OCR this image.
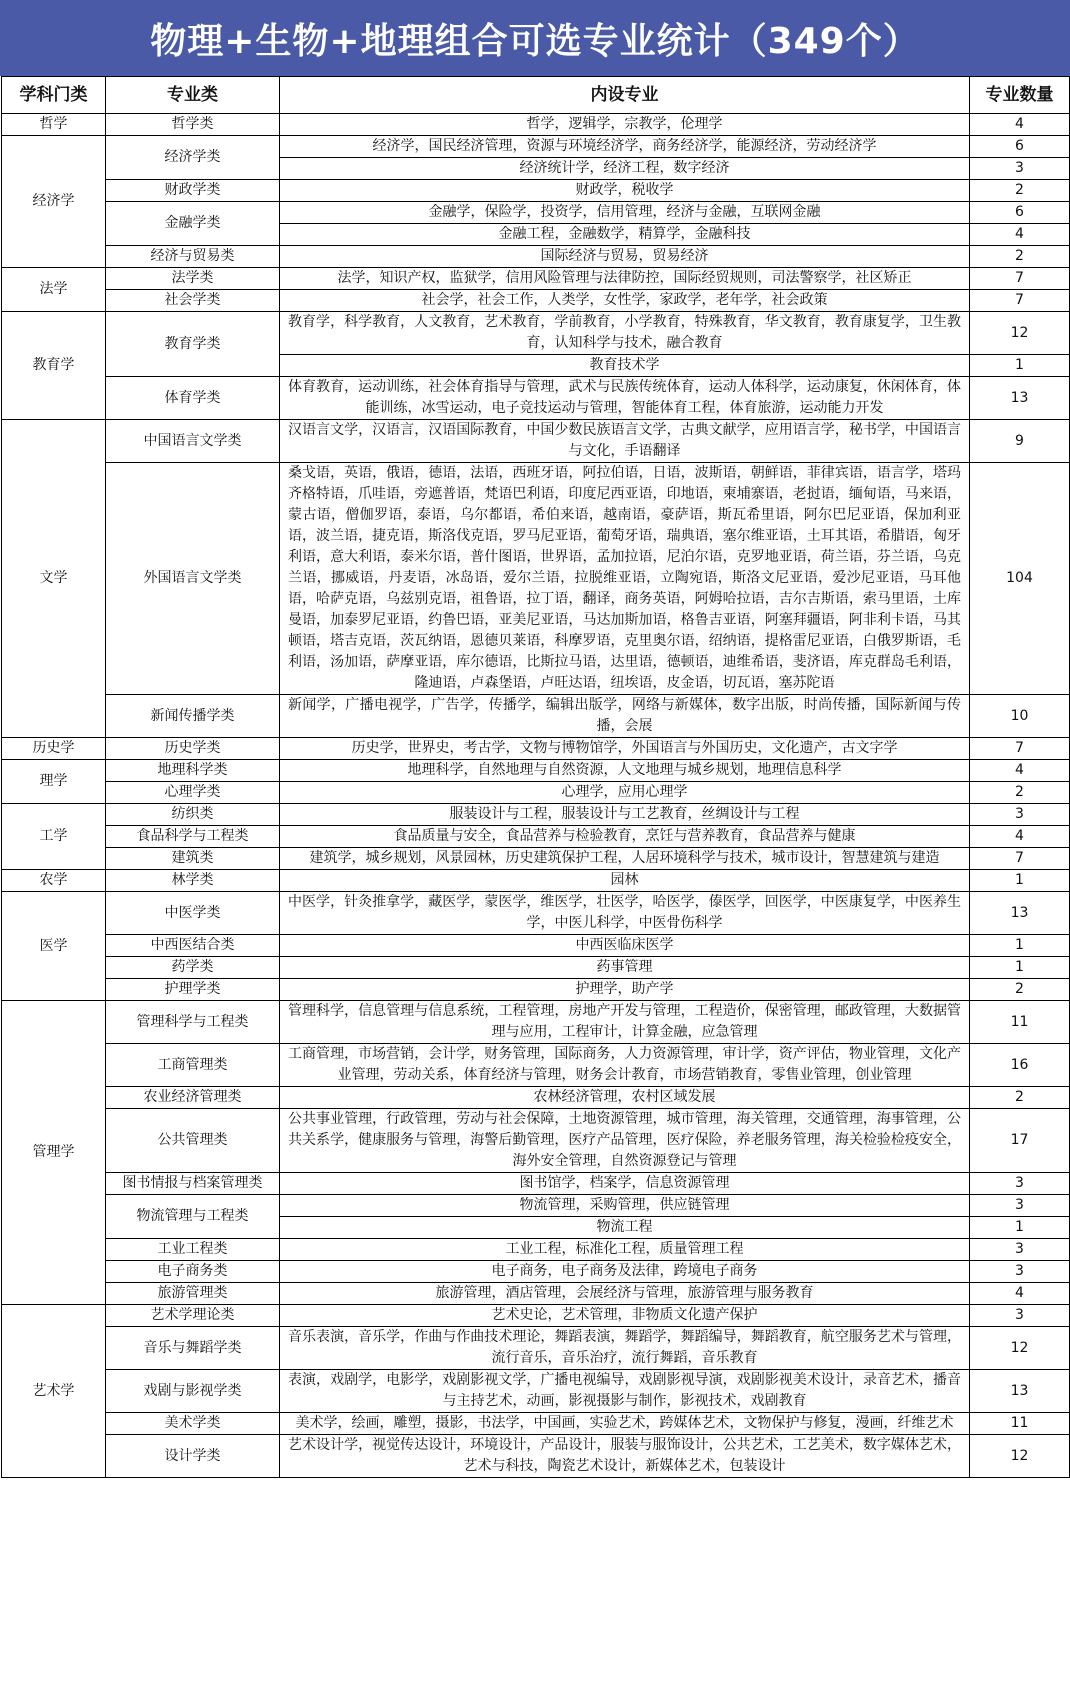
物理+生物+地理组合可选专业统计（349个）
学科门类	专业类	内设专业	专业数量
哲学	哲学类	哲学，逻辑学，宗教学，伦理学	4
经济学	经济学类	经济学，国民经济管理，资源与环境经济学，商务经济学，能源经济，劳动经济学	6
		经济统计学，经济工程，数字经济	3
	财政学类	财政学，税收学	2
	金融学类	金融学，保险学，投资学，信用管理，经济与金融，互联网金融	6
		金融工程，金融数学，精算学，金融科技	4
	经济与贸易类	国际经济与贸易，贸易经济	2
法学	法学类	法学，知识产权，监狱学，信用风险管理与法律防控，国际经贸规则，司法警察学，社区矫正	7
	社会学类	社会学，社会工作，人类学，女性学，家政学，老年学，社会政策	7
教育学	教育学类	教育学，科学教育，人文教育，艺术教育，学前教育，小学教育，特殊教育，华文教育，教育康复学，卫生教育，认知科学与技术，融合教育	12
		教育技术学	1
	体育学类	体育教育，运动训练，社会体育指导与管理，武术与民族传统体育，运动人体科学，运动康复，休闲体育，体能训练，冰雪运动，电子竞技运动与管理，智能体育工程，体育旅游，运动能力开发	13
文学	中国语言文学类	汉语言文学，汉语言，汉语国际教育，中国少数民族语言文学，古典文献学，应用语言学，秘书学，中国语言与文化，手语翻译	9
	外国语言文学类	桑戈语，英语，俄语，德语，法语，西班牙语，阿拉伯语，日语，波斯语，朝鲜语，菲律宾语，语言学，塔玛齐格特语，爪哇语，旁遮普语，梵语巴利语，印度尼西亚语，印地语，柬埔寨语，老挝语，缅甸语，马来语，蒙古语，僧伽罗语，泰语，乌尔都语，希伯来语，越南语，豪萨语，斯瓦希里语，阿尔巴尼亚语，保加利亚语，波兰语，捷克语，斯洛伐克语，罗马尼亚语，葡萄牙语，瑞典语，塞尔维亚语，土耳其语，希腊语，匈牙利语，意大利语，泰米尔语，普什图语，世界语，孟加拉语，尼泊尔语，克罗地亚语，荷兰语，芬兰语，乌克兰语，挪威语，丹麦语，冰岛语，爱尔兰语，拉脱维亚语，立陶宛语，斯洛文尼亚语，爱沙尼亚语，马耳他语，哈萨克语，乌兹别克语，祖鲁语，拉丁语，翻译，商务英语，阿姆哈拉语，吉尔吉斯语，索马里语，土库曼语，加泰罗尼亚语，约鲁巴语，亚美尼亚语，马达加斯加语，格鲁吉亚语，阿塞拜疆语，阿非利卡语，马其顿语，塔吉克语，茨瓦纳语，恩德贝莱语，科摩罗语，克里奥尔语，绍纳语，提格雷尼亚语，白俄罗斯语，毛利语，汤加语，萨摩亚语，库尔德语，比斯拉马语，达里语，德顿语，迪维希语，斐济语，库克群岛毛利语，隆迪语，卢森堡语，卢旺达语，纽埃语，皮金语，切瓦语，塞苏陀语	104
	新闻传播学类	新闻学，广播电视学，广告学，传播学，编辑出版学，网络与新媒体，数字出版，时尚传播，国际新闻与传播，会展	10
历史学	历史学类	历史学，世界史，考古学，文物与博物馆学，外国语言与外国历史，文化遗产，古文字学	7
理学	地理科学类	地理科学，自然地理与自然资源，人文地理与城乡规划，地理信息科学	4
	心理学类	心理学，应用心理学	2
工学	纺织类	服装设计与工程，服装设计与工艺教育，丝绸设计与工程	3
	食品科学与工程类	食品质量与安全，食品营养与检验教育，烹饪与营养教育，食品营养与健康	4
	建筑类	建筑学，城乡规划，风景园林，历史建筑保护工程，人居环境科学与技术，城市设计，智慧建筑与建造	7
农学	林学类	园林	1
医学	中医学类	中医学，针灸推拿学，藏医学，蒙医学，维医学，壮医学，哈医学，傣医学，回医学，中医康复学，中医养生学，中医儿科学，中医骨伤科学	13
	中西医结合类	中西医临床医学	1
	药学类	药事管理	1
	护理学类	护理学，助产学	2
管理学	管理科学与工程类	管理科学，信息管理与信息系统，工程管理，房地产开发与管理，工程造价，保密管理，邮政管理，大数据管理与应用，工程审计，计算金融，应急管理	11
	工商管理类	工商管理，市场营销，会计学，财务管理，国际商务，人力资源管理，审计学，资产评估，物业管理，文化产业管理，劳动关系，体育经济与管理，财务会计教育，市场营销教育，零售业管理，创业管理	16
	农业经济管理类	农林经济管理，农村区域发展	2
	公共管理类	公共事业管理，行政管理，劳动与社会保障，土地资源管理，城市管理，海关管理，交通管理，海事管理，公共关系学，健康服务与管理，海警后勤管理，医疗产品管理，医疗保险，养老服务管理，海关检验检疫安全，海外安全管理，自然资源登记与管理	17
	图书情报与档案管理类	图书馆学，档案学，信息资源管理	3
	物流管理与工程类	物流管理，采购管理，供应链管理	3
		物流工程	1
	工业工程类	工业工程，标准化工程，质量管理工程	3
	电子商务类	电子商务，电子商务及法律，跨境电子商务	3
	旅游管理类	旅游管理，酒店管理，会展经济与管理，旅游管理与服务教育	4
艺术学	艺术学理论类	艺术史论，艺术管理，非物质文化遗产保护	3
	音乐与舞蹈学类	音乐表演，音乐学，作曲与作曲技术理论，舞蹈表演，舞蹈学，舞蹈编导，舞蹈教育，航空服务艺术与管理，流行音乐，音乐治疗，流行舞蹈，音乐教育	12
	戏剧与影视学类	表演，戏剧学，电影学，戏剧影视文学，广播电视编导，戏剧影视导演，戏剧影视美术设计，录音艺术，播音与主持艺术，动画，影视摄影与制作，影视技术，戏剧教育	13
	美术学类	美术学，绘画，雕塑，摄影，书法学，中国画，实验艺术，跨媒体艺术，文物保护与修复，漫画，纤维艺术	11
	设计学类	艺术设计学，视觉传达设计，环境设计，产品设计，服装与服饰设计，公共艺术，工艺美术，数字媒体艺术，艺术与科技，陶瓷艺术设计，新媒体艺术，包装设计	12
